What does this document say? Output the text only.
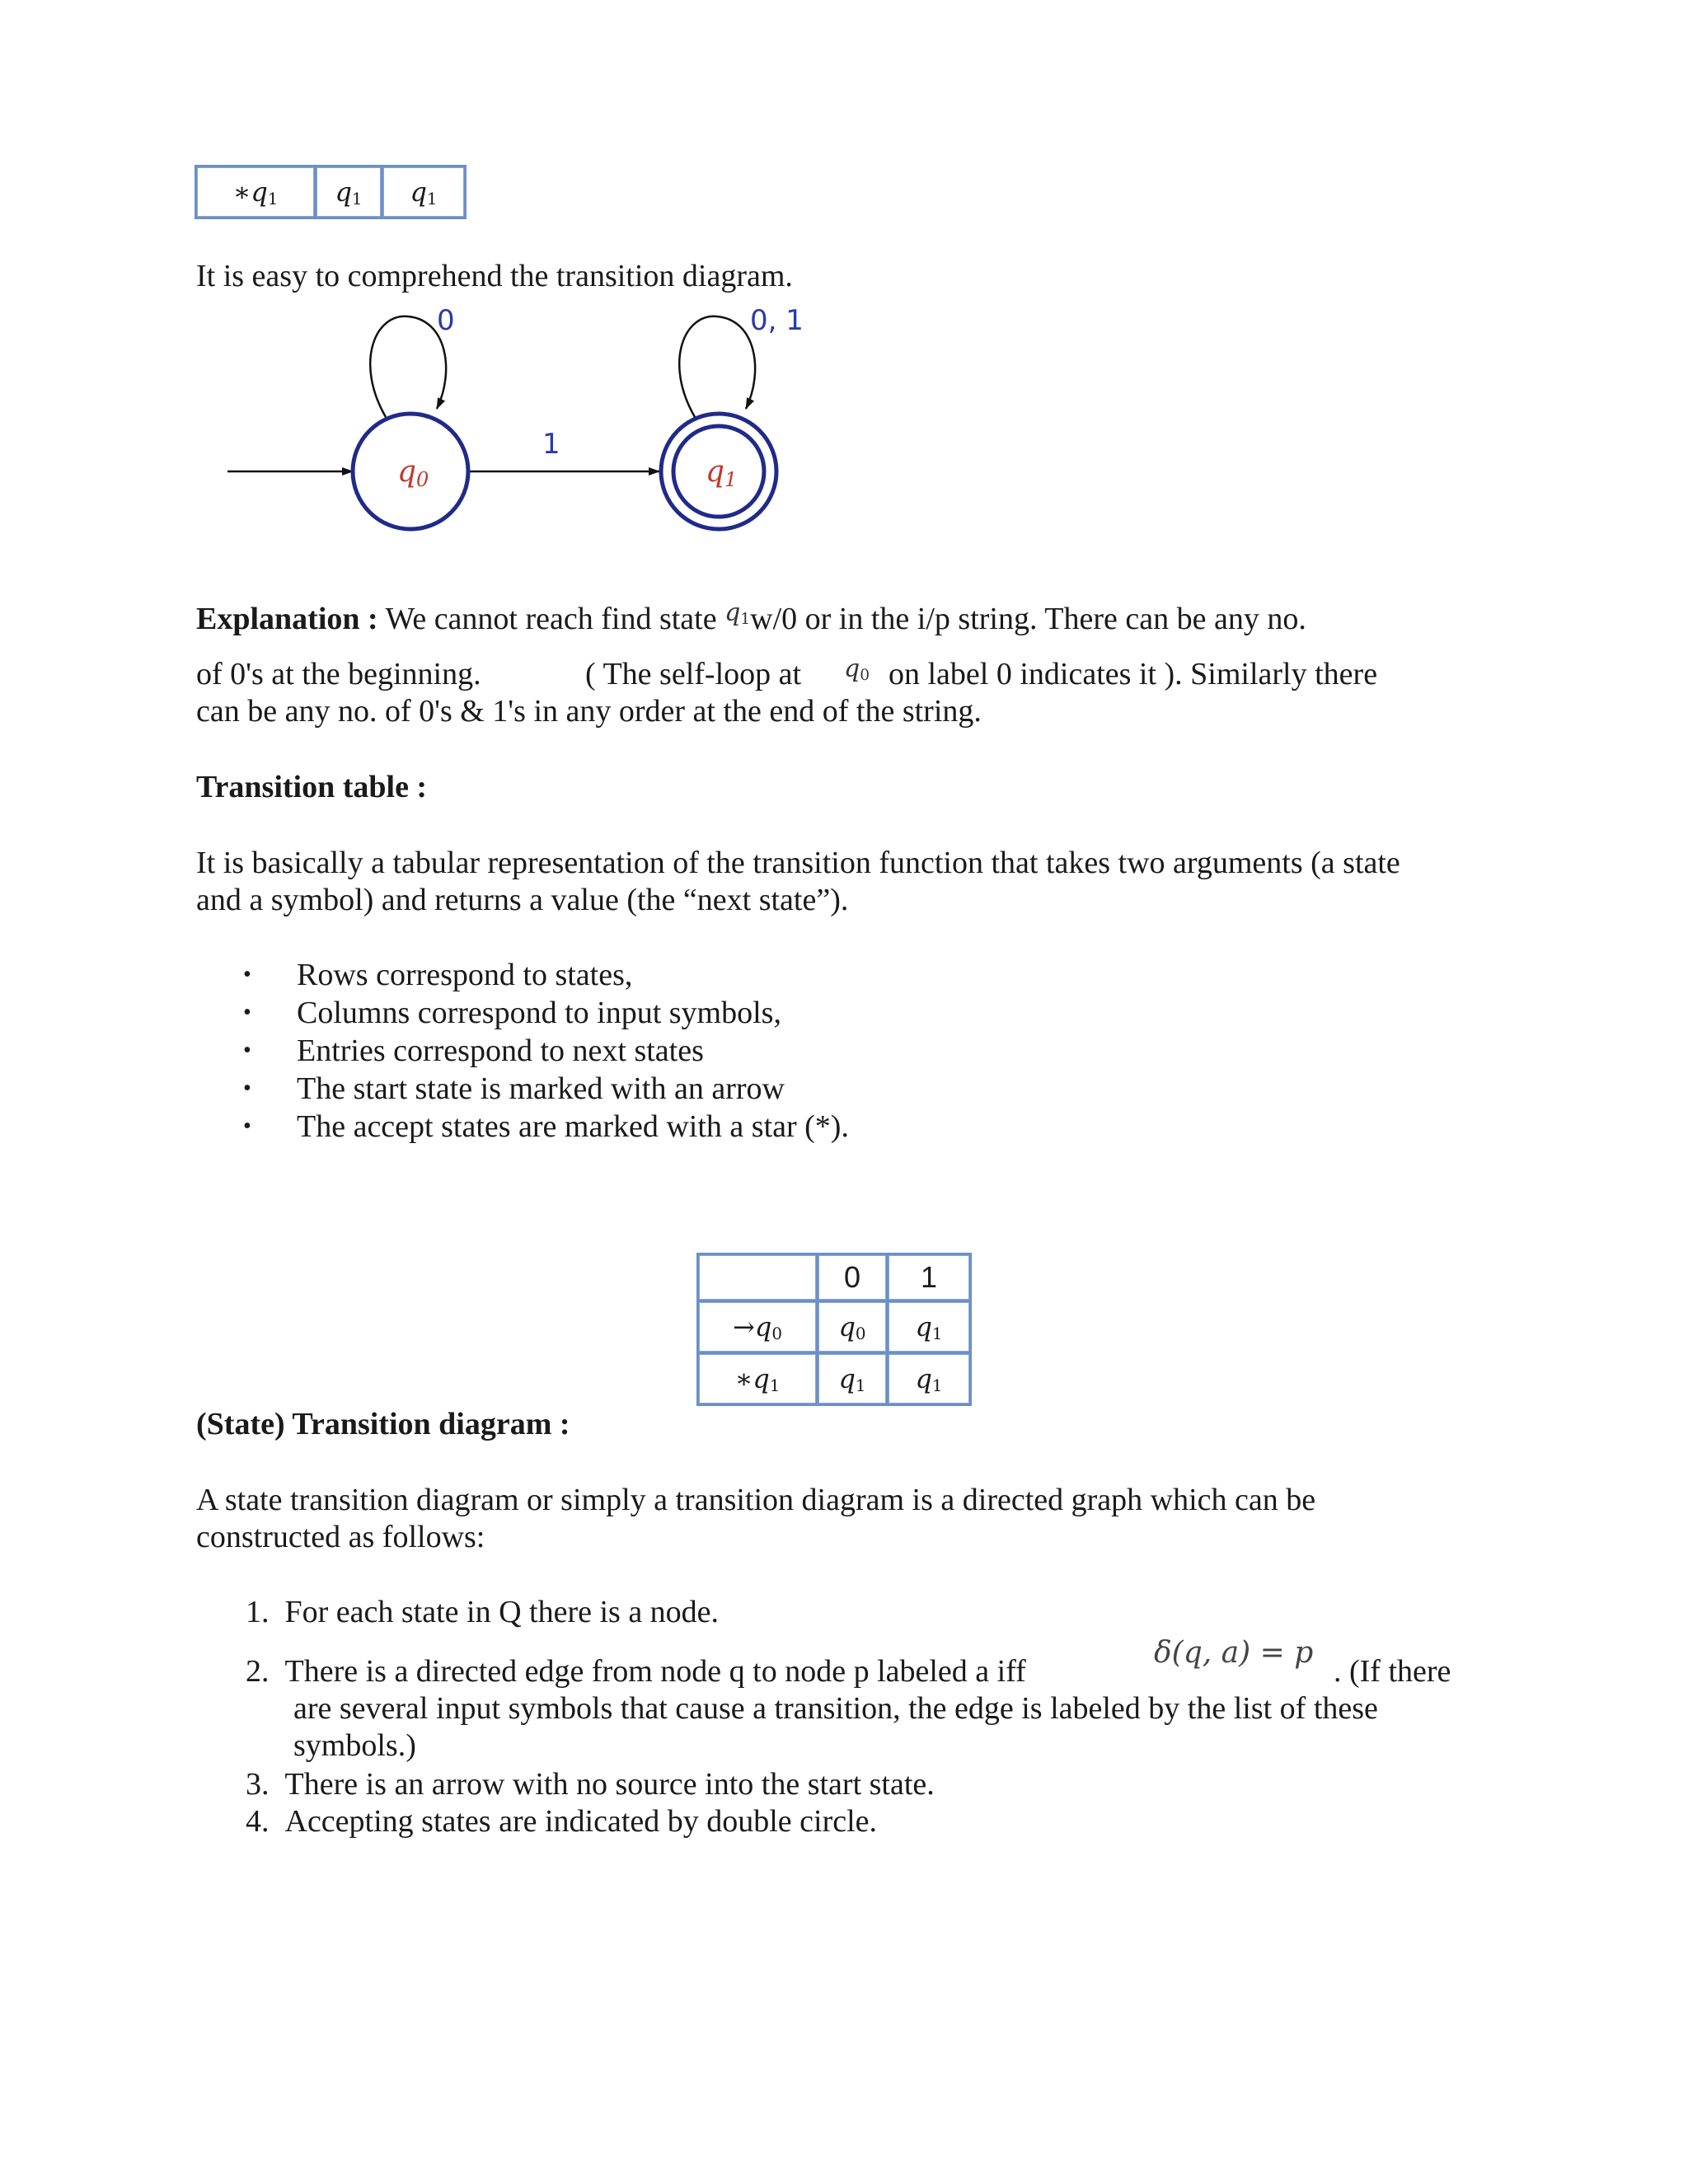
$∗q_1$	$q_1$	$q_1$
It is easy to comprehend the transition diagram.
q0
0
1
q1
0, 1
Explanation : We cannot reach find state $^{q_1}$w/0 or in the i/p string. There can be any no.
of 0's at the beginning.	( The self-loop at $q_0$ on label 0 indicates it ). Similarly there
can be any no. of 0's & 1's in any order at the end of the string.
Transition table :
It is basically a tabular representation of the transition function that takes two arguments (a state
and a symbol) and returns a value (the “next state”).
• Rows correspond to states,
• Columns correspond to input symbols,
• Entries correspond to next states
• The start state is marked with an arrow
• The accept states are marked with a star (*).
	0	1
$\to q_0$	$q_0$	$q_1$
$∗q_1$	$q_1$	$q_1$
(State) Transition diagram :
A state transition diagram or simply a transition diagram is a directed graph which can be
constructed as follows:
1. For each state in Q there is a node.
2. There is a directed edge from node q to node p labeled a iff
δ(q, a) = p
. (If there
are several input symbols that cause a transition, the edge is labeled by the list of these
symbols.)
3. There is an arrow with no source into the start state.
4. Accepting states are indicated by double circle.
